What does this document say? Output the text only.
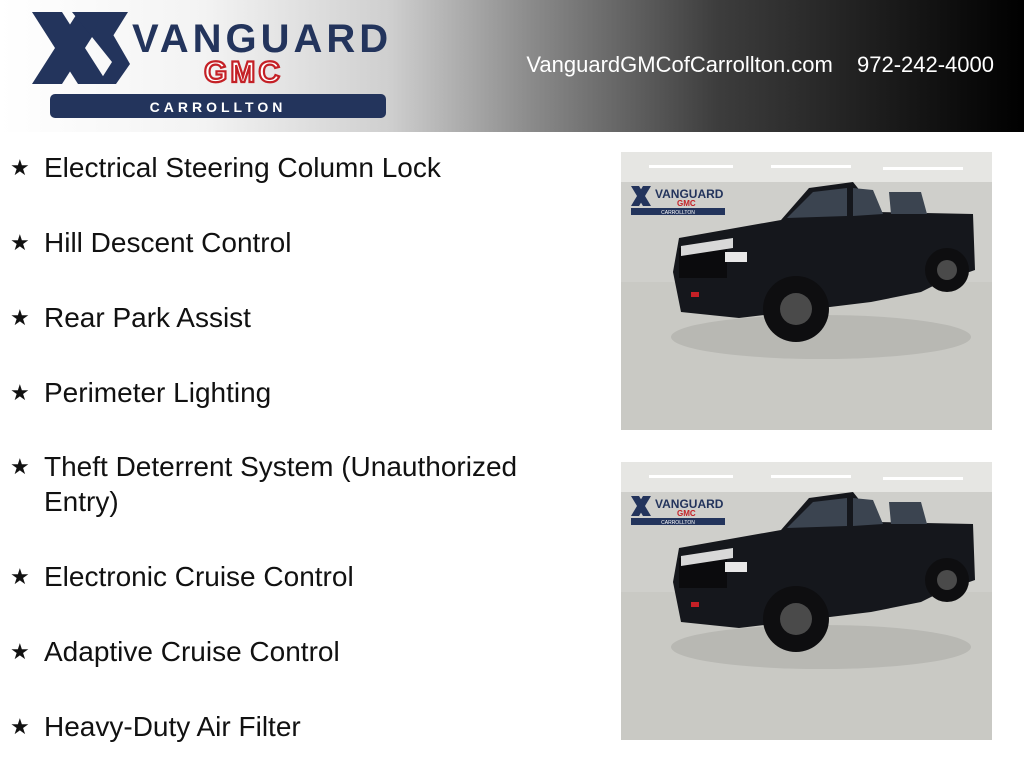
VANGUARD
GMC
CARROLLTON
VanguardGMCofCarrollton.com 972-242-4000
★ Electrical Steering Column Lock
★ Hill Descent Control
★ Rear Park Assist
★ Perimeter Lighting
★ Theft Deterrent System (Unauthorized Entry)
★ Electronic Cruise Control
★ Adaptive Cruise Control
★ Heavy-Duty Air Filter
VANGUARD
GMC
CARROLLTON
VANGUARD
GMC
CARROLLTON
